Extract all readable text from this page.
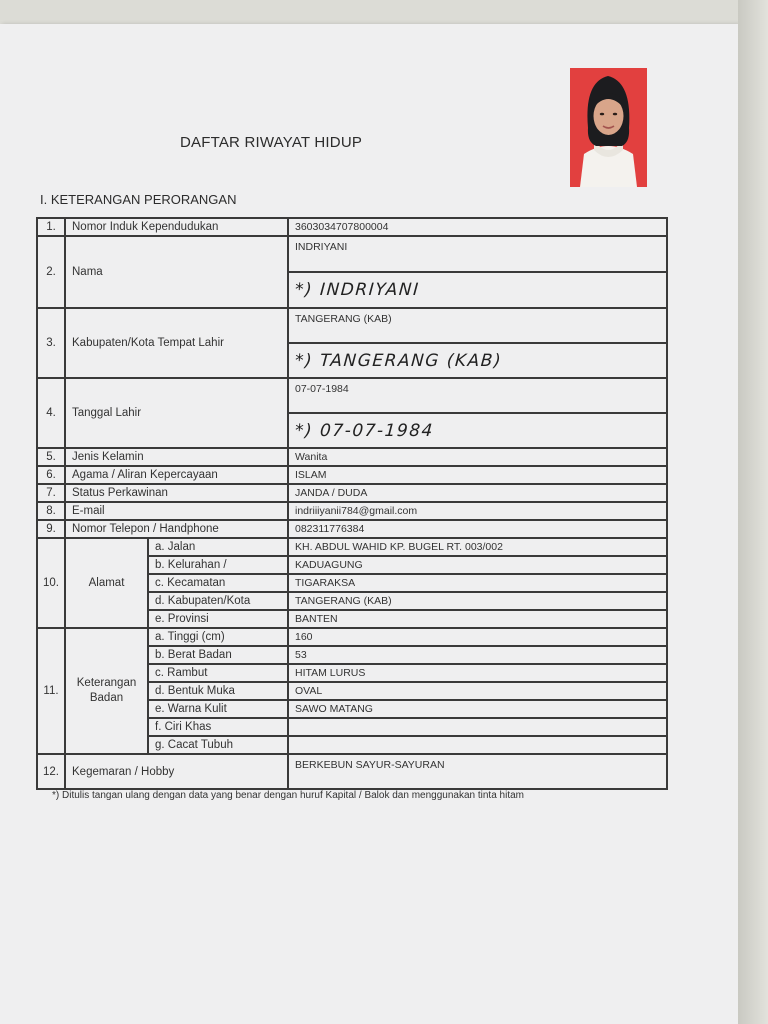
DAFTAR RIWAYAT HIDUP
I. KETERANGAN PERORANGAN
1.	Nomor Induk Kependudukan		3603034707800004
2.	Nama		INDRIYANI
			*) INDRIYANI
3.	Kabupaten/Kota Tempat Lahir		TANGERANG (KAB)
			*) TANGERANG (KAB)
4.	Tanggal Lahir		07-07-1984
			*) 07-07-1984
5.	Jenis Kelamin		Wanita
6.	Agama / Aliran Kepercayaan		ISLAM
7.	Status Perkawinan		JANDA / DUDA
8.	E-mail		indriiiyanii784@gmail.com
9.	Nomor Telepon / Handphone		082311776384
10.	Alamat	a. Jalan	KH. ABDUL WAHID KP. BUGEL RT. 003/002
		b. Kelurahan /	KADUAGUNG
		c. Kecamatan	TIGARAKSA
		d. Kabupaten/Kota	TANGERANG (KAB)
		e. Provinsi	BANTEN
11.	Keterangan
Badan	a. Tinggi (cm)	160
		b. Berat Badan	53
		c. Rambut	HITAM LURUS
		d. Bentuk Muka	OVAL
		e. Warna Kulit	SAWO MATANG
		f. Ciri Khas	
		g. Cacat Tubuh	
12.	Kegemaran / Hobby		BERKEBUN SAYUR-SAYURAN
*) Ditulis tangan ulang dengan data yang benar dengan huruf Kapital / Balok dan menggunakan tinta hitam
